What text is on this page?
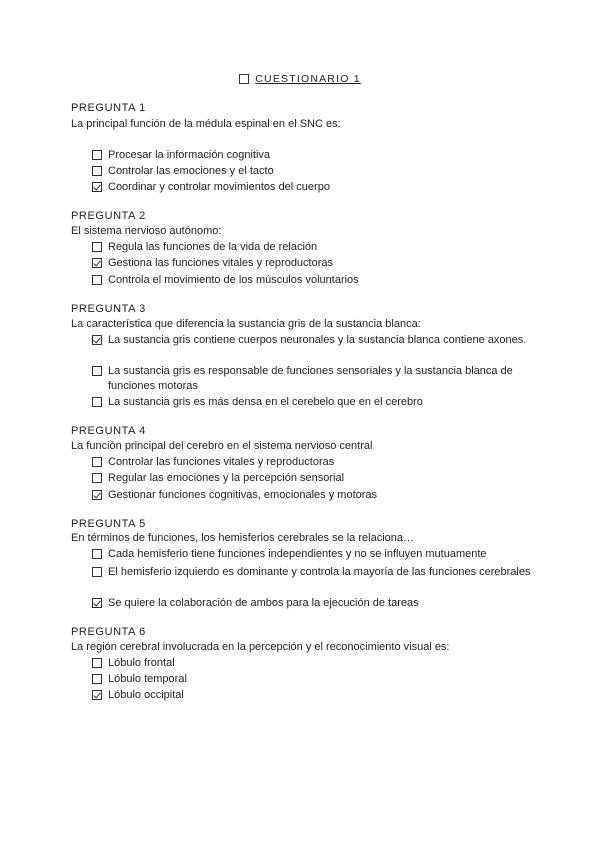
CUESTIONARIO 1
PREGUNTA 1
La principal función de la médula espinal en el SNC es:
Procesar la información cognitiva
Controlar las emociones y el tacto
Coordinar y controlar movimientos del cuerpo
PREGUNTA 2
El sistema nervioso autónomo:
Regula las funciones de la vida de relación
Gestiona las funciones vitales y reproductoras
Controla el movimiento de los músculos voluntarios
PREGUNTA 3
La característica que diferencia la sustancia gris de la sustancia blanca:
La sustancia gris contiene cuerpos neuronales y la sustancia blanca contiene axones.
La sustancia gris es responsable de funciones sensoriales y la sustancia blanca de funciones motoras
La sustancia gris es más densa en el cerebelo que en el cerebro
PREGUNTA 4
La función principal del cerebro en el sistema nervioso central
Controlar las funciones vitales y reproductoras
Regular las emociones y la percepción sensorial
Gestionar funciones cognitivas, emocionales y motoras
PREGUNTA 5
En términos de funciones, los hemisferios cerebrales se la relaciona…
Cada hemisferio tiene funciones independientes y no se influyen mutuamente
El hemisferio izquierdo es dominante y controla la mayoría de las funciones cerebrales
Se quiere la colaboración de ambos para la ejecución de tareas
PREGUNTA 6
La región cerebral involucrada en la percepción y el reconocimiento visual es:
Lóbulo frontal
Lóbulo temporal
Lóbulo occipital
